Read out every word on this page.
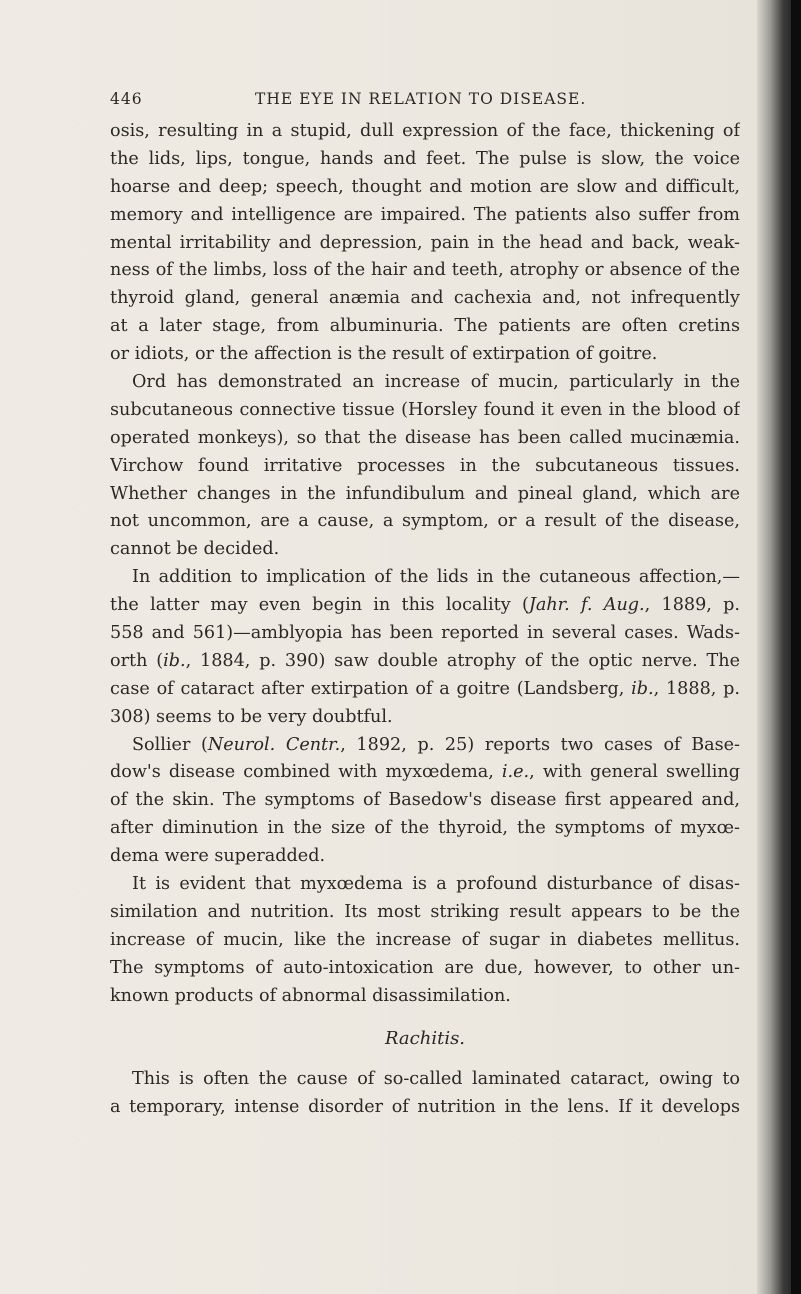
446	THE EYE IN RELATION TO DISEASE.
osis, resulting in a stupid, dull expression of the face, thickening of
the lids, lips, tongue, hands and feet. The pulse is slow, the voice
hoarse and deep; speech, thought and motion are slow and difficult,
memory and intelligence are impaired. The patients also suffer from
mental irritability and depression, pain in the head and back, weak-
ness of the limbs, loss of the hair and teeth, atrophy or absence of the
thyroid gland, general anæmia and cachexia and, not infrequently
at a later stage, from albuminuria. The patients are often cretins
or idiots, or the affection is the result of extirpation of goitre.
Ord has demonstrated an increase of mucin, particularly in the
subcutaneous connective tissue (Horsley found it even in the blood of
operated monkeys), so that the disease has been called mucinæmia.
Virchow found irritative processes in the subcutaneous tissues.
Whether changes in the infundibulum and pineal gland, which are
not uncommon, are a cause, a symptom, or a result of the disease,
cannot be decided.
In addition to implication of the lids in the cutaneous affection,—
the latter may even begin in this locality (Jahr. f. Aug., 1889, p.
558 and 561)—amblyopia has been reported in several cases. Wads-
orth (ib., 1884, p. 390) saw double atrophy of the optic nerve. The
case of cataract after extirpation of a goitre (Landsberg, ib., 1888, p.
308) seems to be very doubtful.
Sollier (Neurol. Centr., 1892, p. 25) reports two cases of Base-
dow's disease combined with myxœdema, i.e., with general swelling
of the skin. The symptoms of Basedow's disease first appeared and,
after diminution in the size of the thyroid, the symptoms of myxœ-
dema were superadded.
It is evident that myxœdema is a profound disturbance of disas-
similation and nutrition. Its most striking result appears to be the
increase of mucin, like the increase of sugar in diabetes mellitus.
The symptoms of auto-intoxication are due, however, to other un-
known products of abnormal disassimilation.
Rachitis.
This is often the cause of so-called laminated cataract, owing to
a temporary, intense disorder of nutrition in the lens. If it develops
